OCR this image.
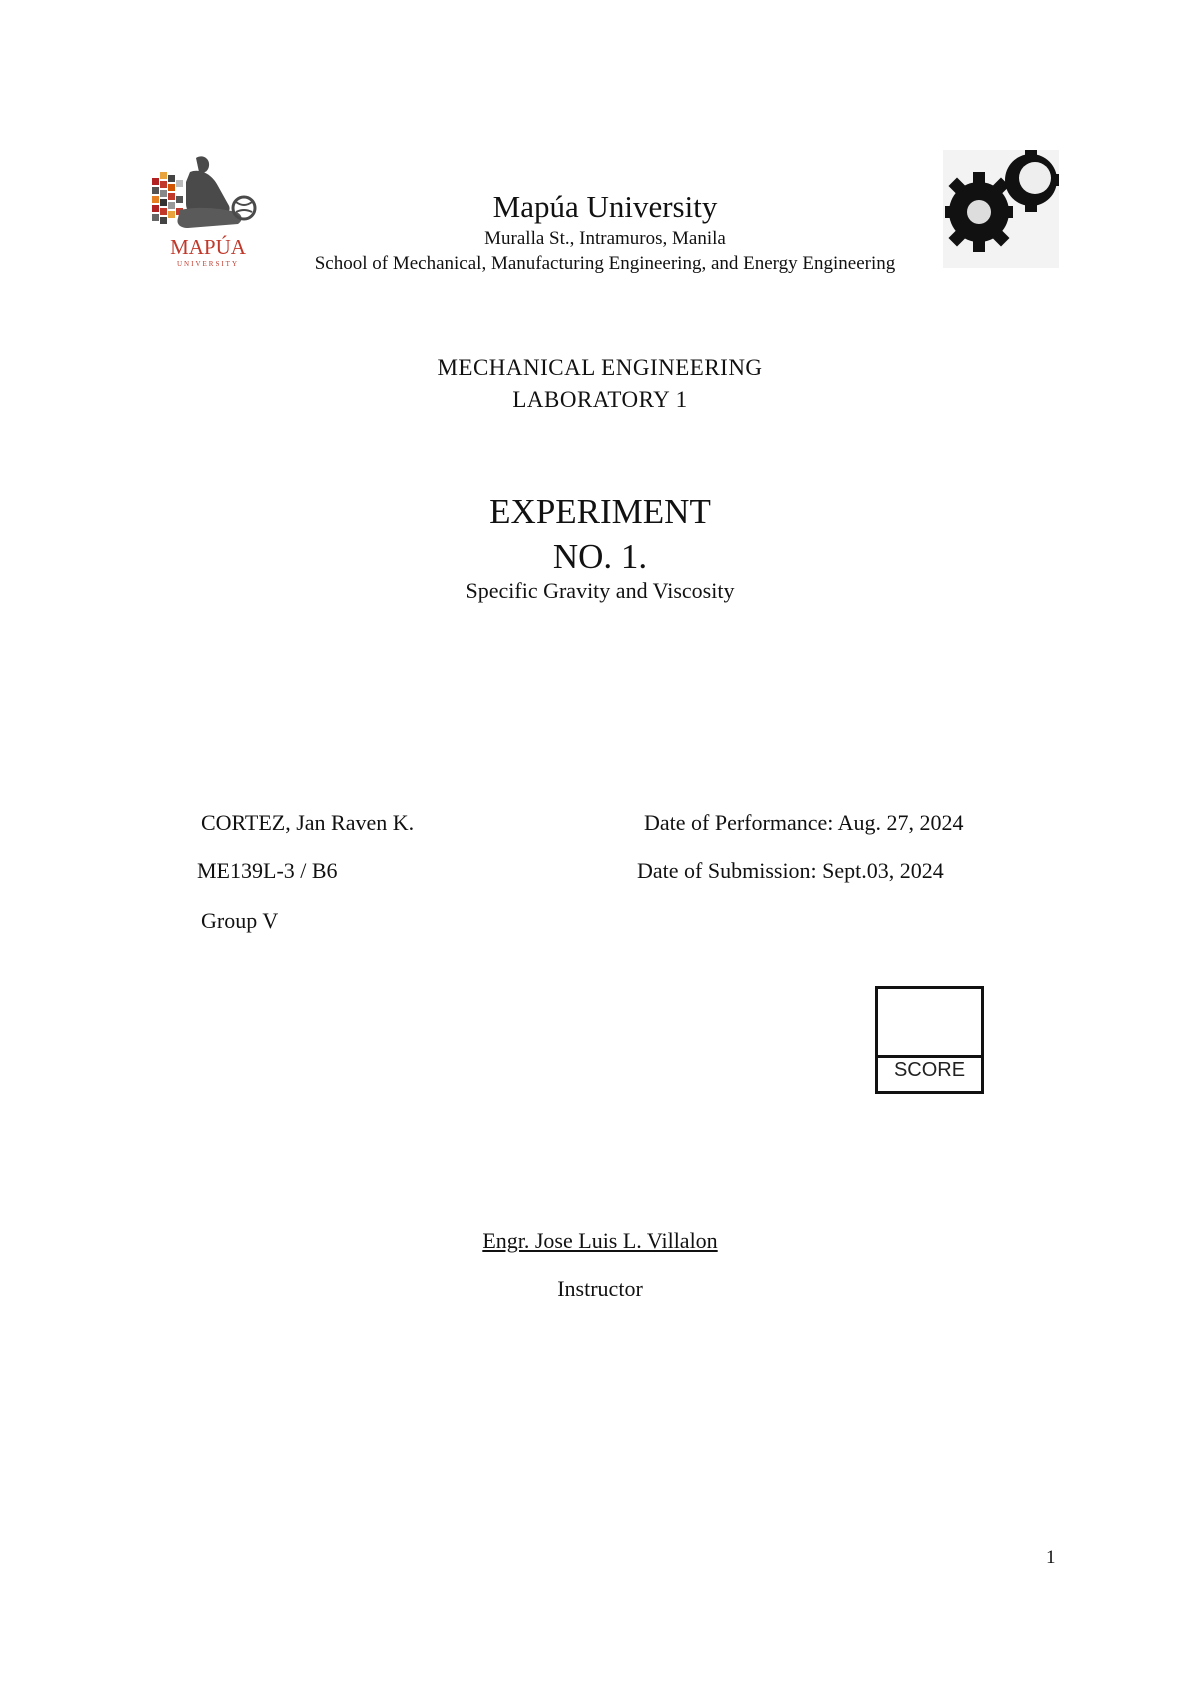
MAPÚA
UNIVERSITY
Mapúa University
Muralla St., Intramuros, Manila
School of Mechanical, Manufacturing Engineering, and Energy Engineering
MECHANICAL ENGINEERING
LABORATORY 1
EXPERIMENT
NO. 1.
Specific Gravity and Viscosity
CORTEZ, Jan Raven K.
ME139L-3 / B6
Group V
Date of Performance: Aug. 27, 2024
Date of Submission: Sept.03, 2024
SCORE
Engr. Jose Luis L. Villalon
Instructor
1
